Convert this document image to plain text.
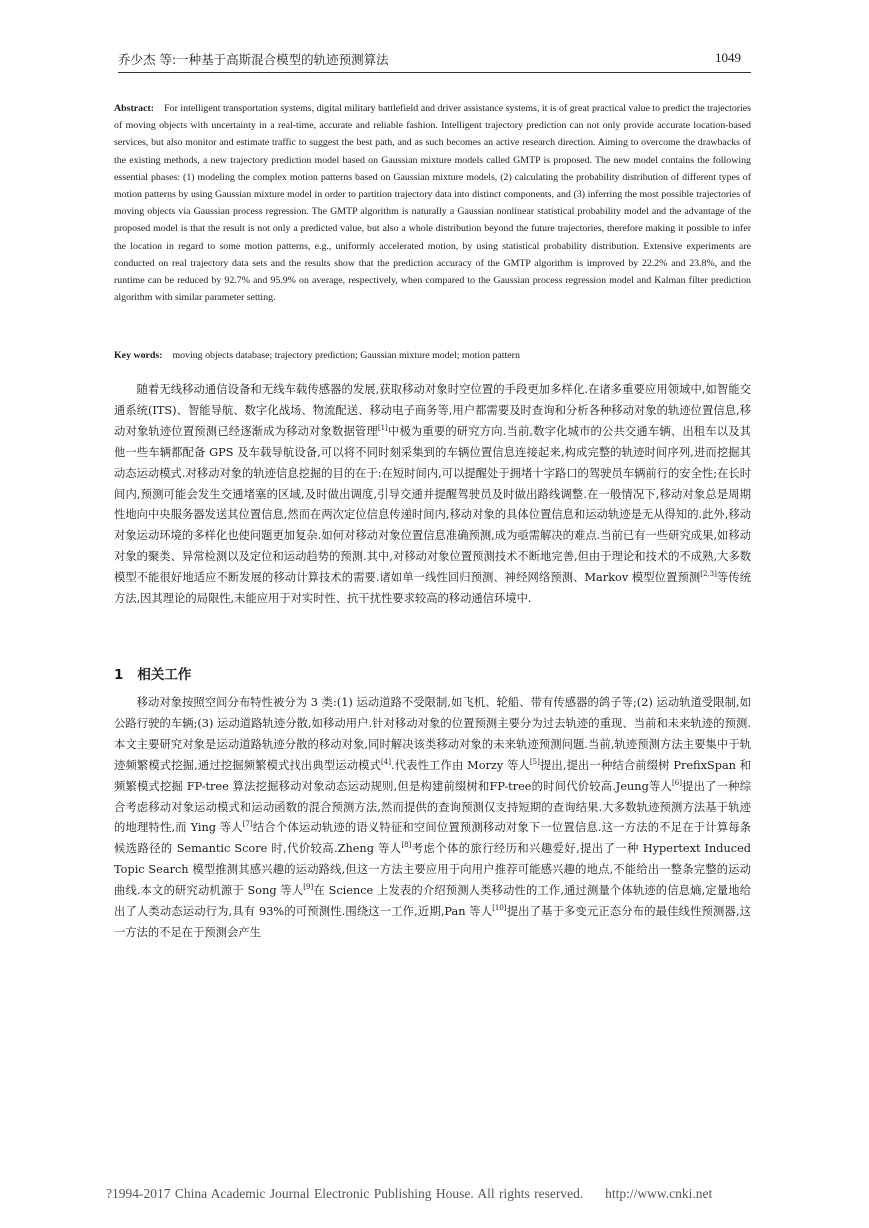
乔少杰 等:一种基于高斯混合模型的轨迹预测算法	1049
Abstract: For intelligent transportation systems, digital military battlefield and driver assistance systems, it is of great practical value to predict the trajectories of moving objects with uncertainty in a real-time, accurate and reliable fashion. Intelligent trajectory prediction can not only provide accurate location-based services, but also monitor and estimate traffic to suggest the best path, and as such becomes an active research direction. Aiming to overcome the drawbacks of the existing methods, a new trajectory prediction model based on Gaussian mixture models called GMTP is proposed. The new model contains the following essential phases: (1) modeling the complex motion patterns based on Gaussian mixture models, (2) calculating the probability distribution of different types of motion patterns by using Gaussian mixture model in order to partition trajectory data into distinct components, and (3) inferring the most possible trajectories of moving objects via Gaussian process regression. The GMTP algorithm is naturally a Gaussian nonlinear statistical probability model and the advantage of the proposed model is that the result is not only a predicted value, but also a whole distribution beyond the future trajectories, therefore making it possible to infer the location in regard to some motion patterns, e.g., uniformly accelerated motion, by using statistical probability distribution. Extensive experiments are conducted on real trajectory data sets and the results show that the prediction accuracy of the GMTP algorithm is improved by 22.2% and 23.8%, and the runtime can be reduced by 92.7% and 95.9% on average, respectively, when compared to the Gaussian process regression model and Kalman filter prediction algorithm with similar parameter setting.
Key words: moving objects database; trajectory prediction; Gaussian mixture model; motion pattern

随着无线移动通信设备和无线车载传感器的发展,获取移动对象时空位置的手段更加多样化.在诸多重要应用领域中,如智能交通系统(ITS)、智能导航、数字化战场、物流配送、移动电子商务等,用户都需要及时查询和分析各种移动对象的轨迹位置信息,移动对象轨迹位置预测已经逐渐成为移动对象数据管理[1]中极为重要的研究方向.当前,数字化城市的公共交通车辆、出租车以及其他一些车辆都配备 GPS 及车载导航设备,可以将不同时刻采集到的车辆位置信息连接起来,构成完整的轨迹时间序列,进而挖掘其动态运动模式.对移动对象的轨迹信息挖掘的目的在于:在短时间内,可以提醒处于拥堵十字路口的驾驶员车辆前行的安全性;在长时间内,预测可能会发生交通堵塞的区域,及时做出调度,引导交通并提醒驾驶员及时做出路线调整.在一般情况下,移动对象总是周期性地向中央服务器发送其位置信息,然而在两次定位信息传递时间内,移动对象的具体位置信息和运动轨迹是无从得知的.此外,移动对象运动环境的多样化也使问题更加复杂.如何对移动对象位置信息准确预测,成为亟需解决的难点.当前已有一些研究成果,如移动对象的聚类、异常检测以及定位和运动趋势的预测.其中,对移动对象位置预测技术不断地完善,但由于理论和技术的不成熟,大多数模型不能很好地适应不断发展的移动计算技术的需要.诸如单一线性回归预测、神经网络预测、Markov 模型位置预测[2,3]等传统方法,因其理论的局限性,未能应用于对实时性、抗干扰性要求较高的移动通信环境中.

1 相关工作

移动对象按照空间分布特性被分为 3 类:(1) 运动道路不受限制,如飞机、轮船、带有传感器的鸽子等;(2) 运动轨道受限制,如公路行驶的车辆;(3) 运动道路轨迹分散,如移动用户.针对移动对象的位置预测主要分为过去轨迹的重现、当前和未来轨迹的预测.本文主要研究对象是运动道路轨迹分散的移动对象,同时解决该类移动对象的未来轨迹预测问题.当前,轨迹预测方法主要集中于轨迹频繁模式挖掘,通过挖掘频繁模式找出典型运动模式[4].代表性工作由 Morzy 等人[5]提出,提出一种结合前缀树 PrefixSpan 和频繁模式挖掘 FP-tree 算法挖掘移动对象动态运动规则,但是构建前缀树和FP-tree的时间代价较高.Jeung等人[6]提出了一种综合考虑移动对象运动模式和运动函数的混合预测方法,然而提供的查询预测仅支持短期的查询结果.大多数轨迹预测方法基于轨迹的地理特性,而 Ying 等人[7]结合个体运动轨迹的语义特征和空间位置预测移动对象下一位置信息.这一方法的不足在于计算每条候选路径的 Semantic Score 时,代价较高.Zheng 等人[8]考虑个体的旅行经历和兴趣爱好,提出了一种 Hypertext Induced Topic Search 模型推测其感兴趣的运动路线,但这一方法主要应用于向用户推荐可能感兴趣的地点,不能给出一整条完整的运动曲线.本文的研究动机源于 Song 等人[9]在 Science 上发表的介绍预测人类移动性的工作,通过测量个体轨迹的信息熵,定量地给出了人类动态运动行为,具有 93%的可预测性.围绕这一工作,近期,Pan 等人[10]提出了基于多变元正态分布的最佳线性预测器,这一方法的不足在于预测会产生

?1994-2017 China Academic Journal Electronic Publishing House. All rights reserved. http://www.cnki.net
